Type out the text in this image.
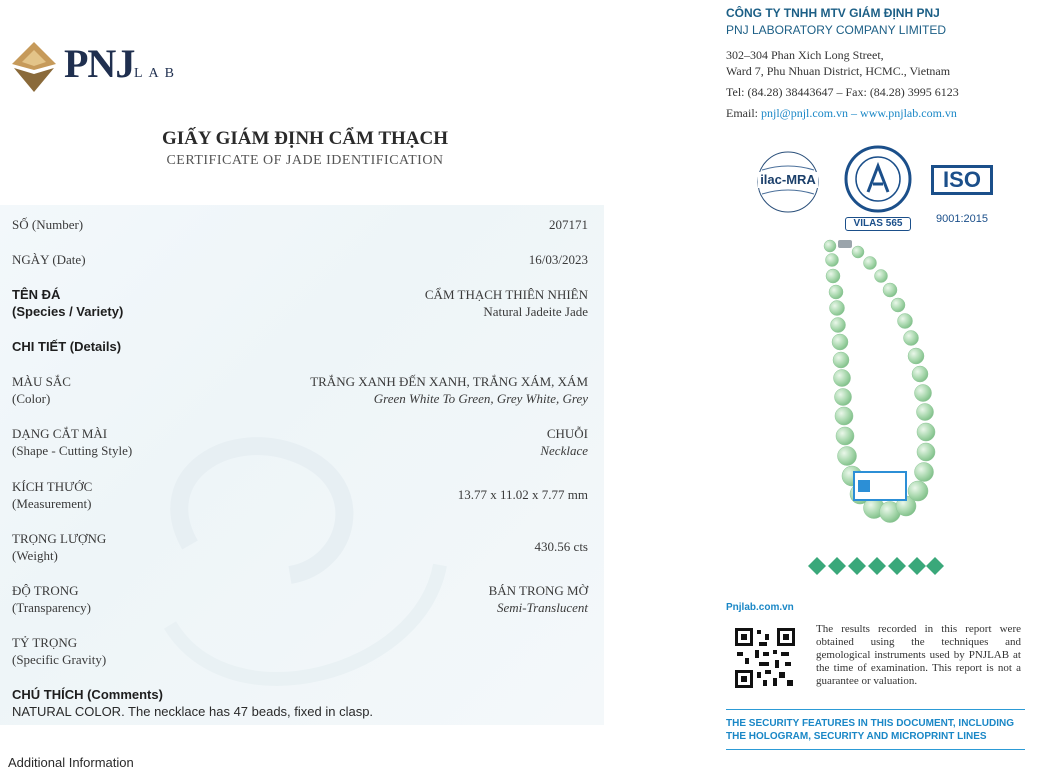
PNJ LAB
GIẤY GIÁM ĐỊNH CẨM THẠCH
CERTIFICATE OF JADE IDENTIFICATION
SỐ (Number)	207171
NGÀY (Date)	16/03/2023
TÊN ĐÁ
(Species / Variety)
CẨM THẠCH THIÊN NHIÊN
Natural Jadeite Jade
CHI TIẾT (Details)
MÀU SẮC
(Color)
TRẮNG XANH ĐẾN XANH, TRẮNG XÁM, XÁM
Green White To Green, Grey White, Grey
DẠNG CẮT MÀI
(Shape - Cutting Style)
CHUỖI
Necklace
KÍCH THƯỚC
(Measurement)
13.77 x 11.02 x 7.77 mm
TRỌNG LƯỢNG
(Weight)
430.56 cts
ĐỘ TRONG
(Transparency)
BÁN TRONG MỜ
Semi-Translucent
TỶ TRỌNG
(Specific Gravity)
CHÚ THÍCH (Comments)
NATURAL COLOR. The necklace has 47 beads, fixed in clasp.
Additional Information
CÔNG TY TNHH MTV GIÁM ĐỊNH PNJ
PNJ LABORATORY COMPANY LIMITED
302–304 Phan Xich Long Street,
Ward 7, Phu Nhuan District, HCMC., Vietnam
Tel: (84.28) 38443647 – Fax: (84.28) 3995 6123
Email: pnjl@pnjl.com.vn – www.pnjlab.com.vn
ilac-MRA
VILAS 565
ISO
9001:2015
Pnjlab.com.vn
The results recorded in this report were obtained using the techniques and gemological instruments used by PNJLAB at the time of examination. This report is not a guarantee or valuation.
THE SECURITY FEATURES IN THIS DOCUMENT, INCLUDING THE HOLOGRAM, SECURITY AND MICROPRINT LINES
